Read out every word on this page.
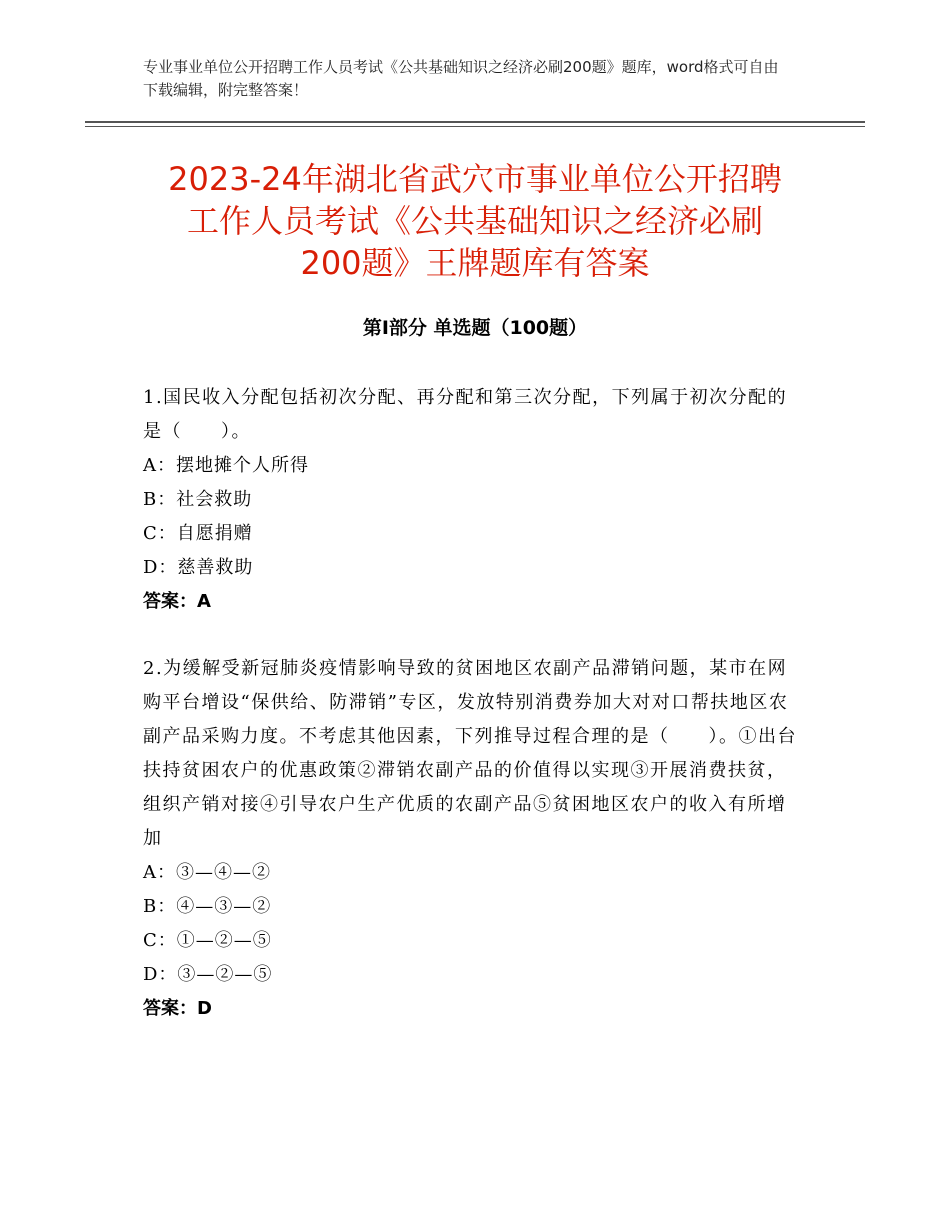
专业事业单位公开招聘工作人员考试《公共基础知识之经济必刷200题》题库，word格式可自由下载编辑，附完整答案！
2023-24年湖北省武穴市事业单位公开招聘
工作人员考试《公共基础知识之经济必刷
200题》王牌题库有答案
第Ⅰ部分 单选题（100题）

1.国民收入分配包括初次分配、再分配和第三次分配，下列属于初次分配的是（　　）。

A：摆地摊个人所得

B：社会救助

C：自愿捐赠

D：慈善救助

答案：A

2.为缓解受新冠肺炎疫情影响导致的贫困地区农副产品滞销问题，某市在网购平台增设“保供给、防滞销”专区，发放特别消费券加大对对口帮扶地区农副产品采购力度。不考虑其他因素，下列推导过程合理的是（　　）。①出台扶持贫困农户的优惠政策②滞销农副产品的价值得以实现③开展消费扶贫，组织产销对接④引导农户生产优质的农副产品⑤贫困地区农户的收入有所增加

A：③—④—②

B：④—③—②

C：①—②—⑤

D：③—②—⑤

答案：D
